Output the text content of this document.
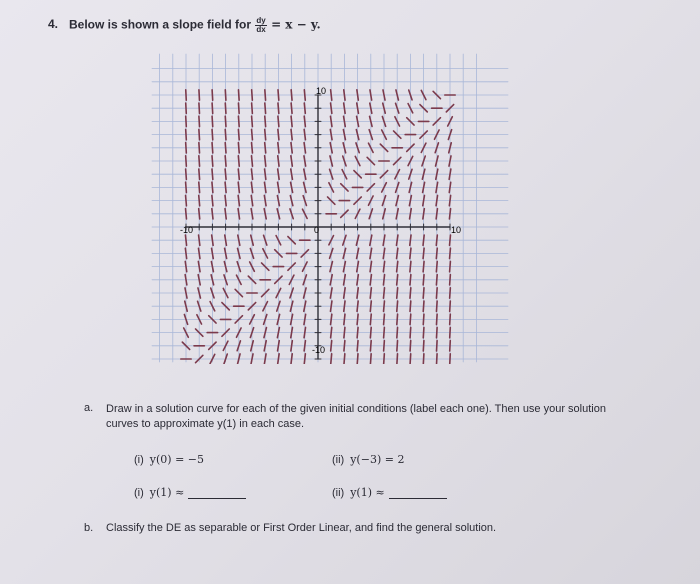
4. Below is shown a slope field for $\frac{dy}{dx} = x - y$.
10
-10	0	10
-10
a. Draw in a solution curve for each of the given initial conditions (label each one). Then use your solution curves to approximate y(1) in each case.
(i) y(0) = −5	(ii) y(−3) = 2
(i) y(1) ≈	(ii) y(1) ≈
b. Classify the DE as separable or First Order Linear, and find the general solution.
